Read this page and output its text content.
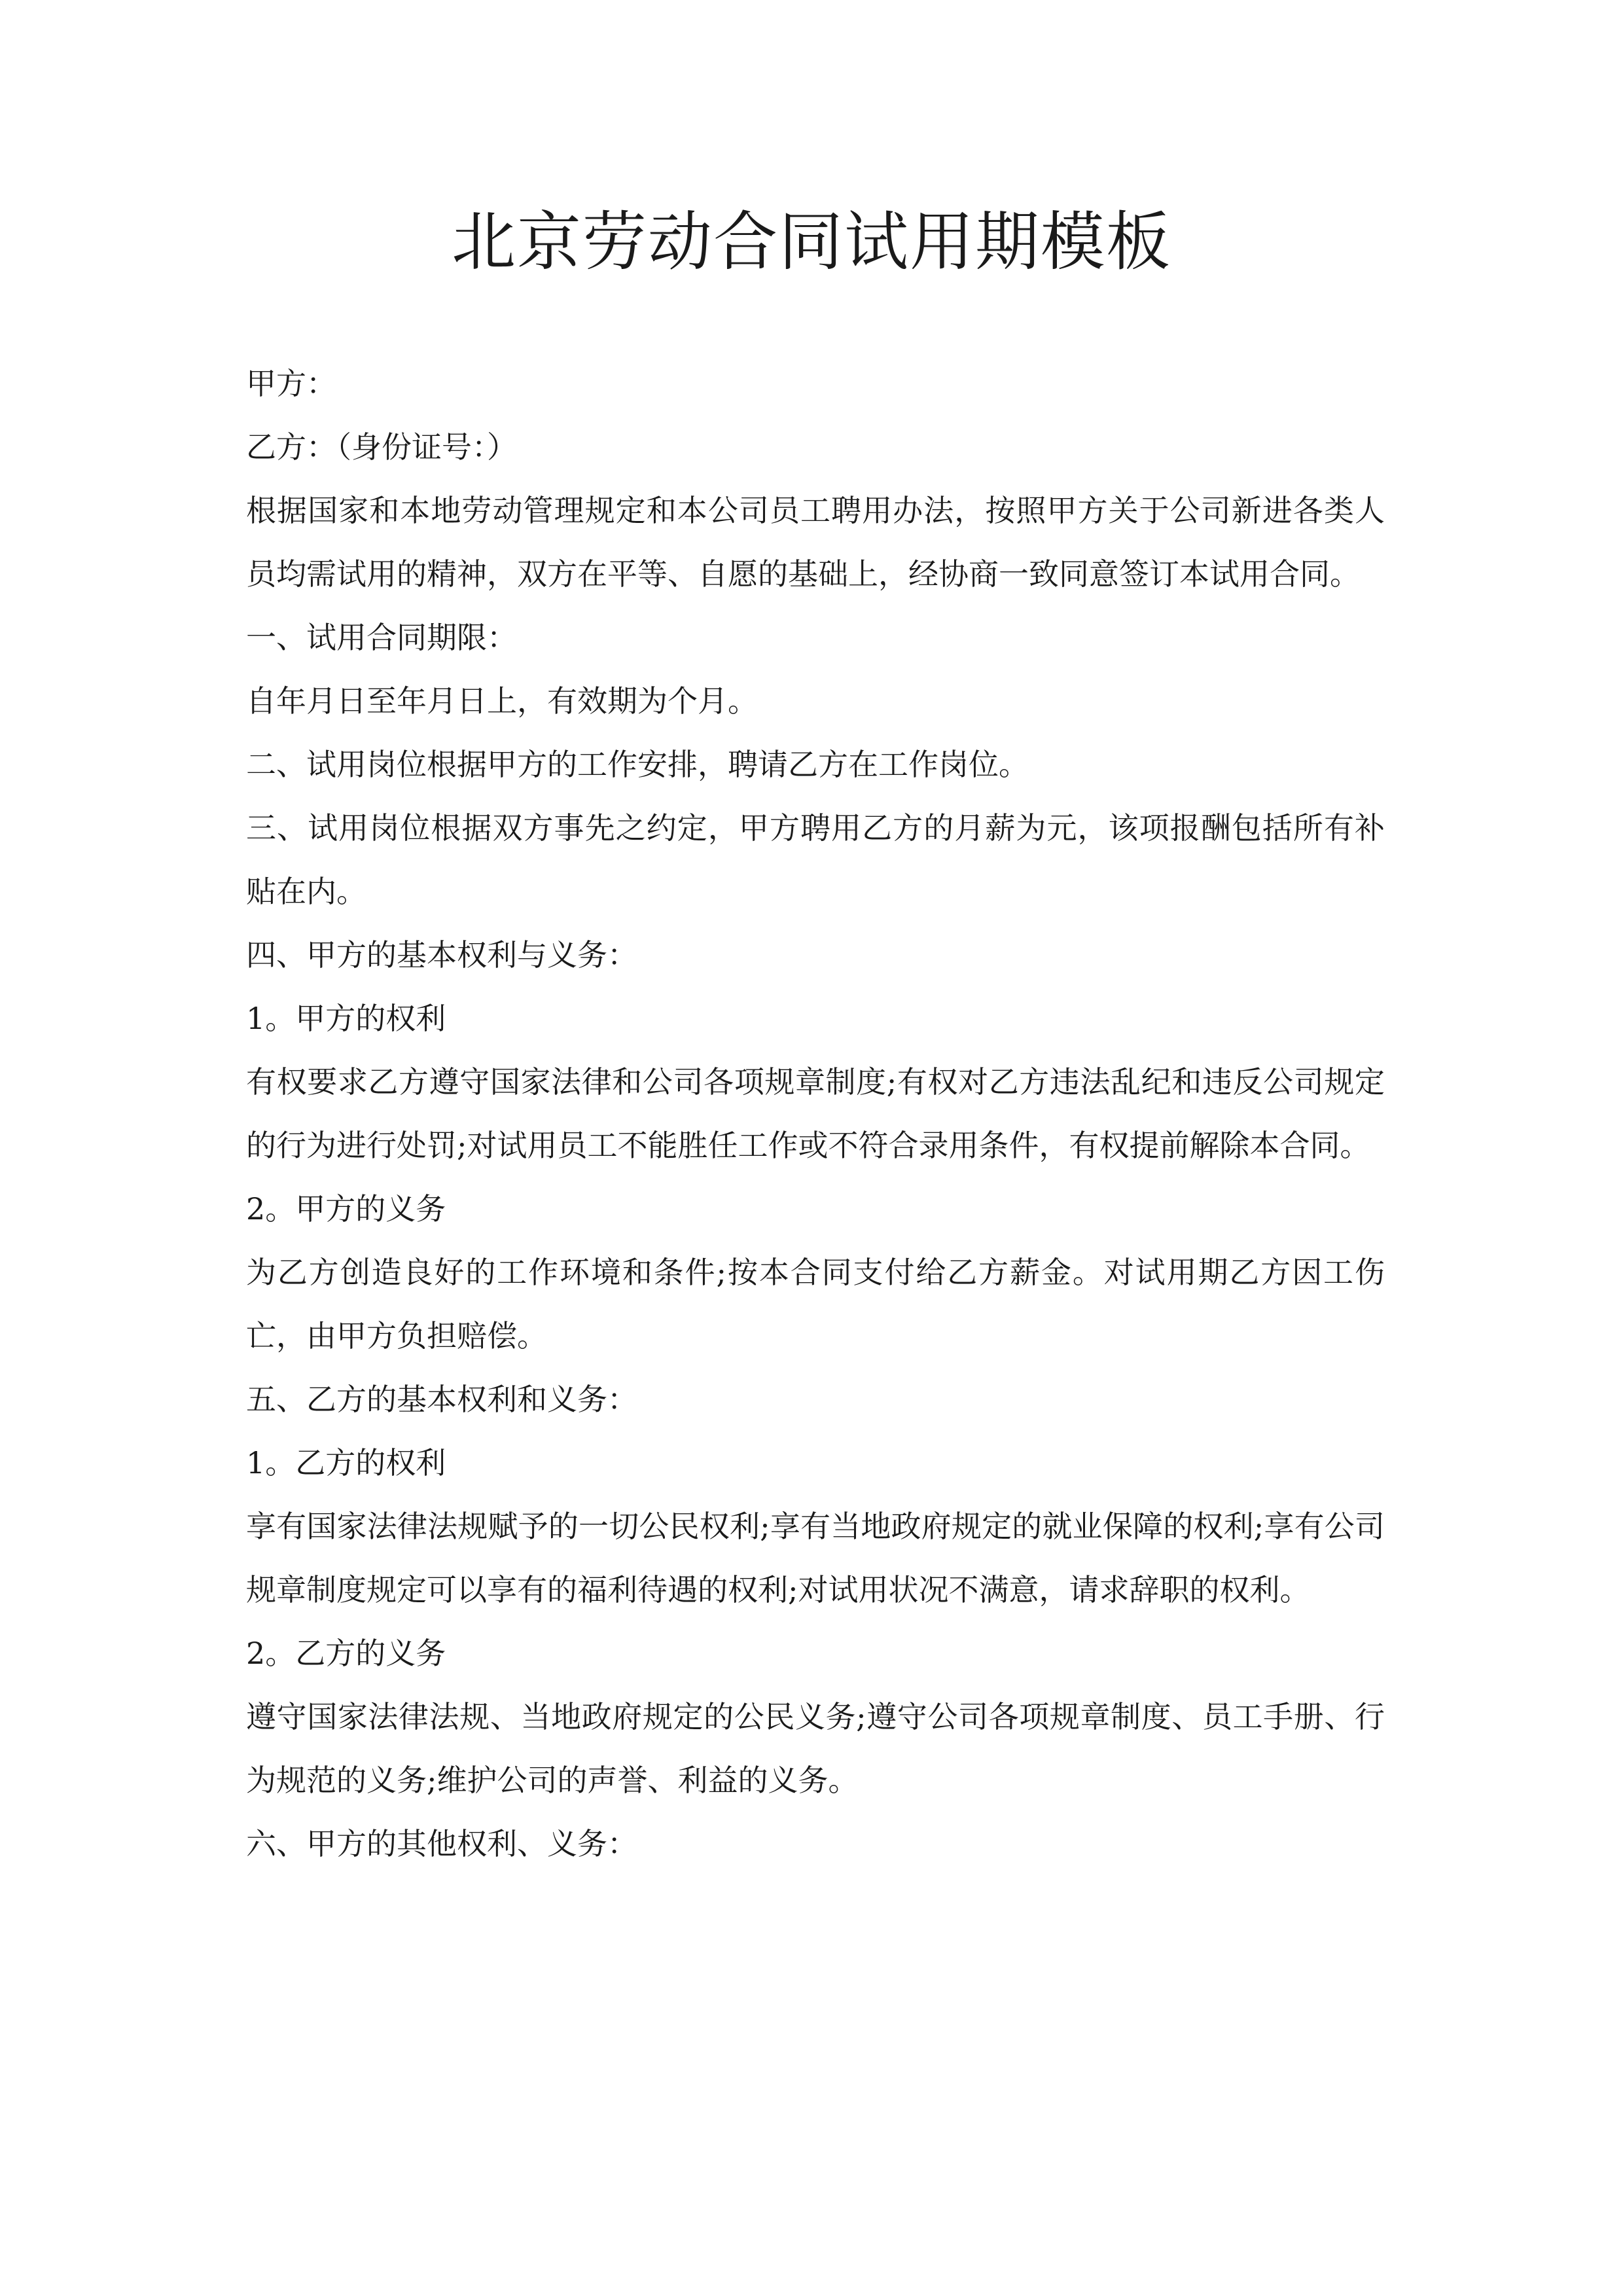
北京劳动合同试用期模板

甲方：

乙方：（身份证号：）

根据国家和本地劳动管理规定和本公司员工聘用办法，按照甲方关于公司新进各类人员均需试用的精神，双方在平等、自愿的基础上，经协商一致同意签订本试用合同。

一、试用合同期限：

自年月日至年月日上，有效期为个月。

二、试用岗位根据甲方的工作安排，聘请乙方在工作岗位。

三、试用岗位根据双方事先之约定，甲方聘用乙方的月薪为元，该项报酬包括所有补贴在内。

四、甲方的基本权利与义务：

1。甲方的权利

有权要求乙方遵守国家法律和公司各项规章制度;有权对乙方违法乱纪和违反公司规定的行为进行处罚;对试用员工不能胜任工作或不符合录用条件，有权提前解除本合同。

2。甲方的义务

为乙方创造良好的工作环境和条件;按本合同支付给乙方薪金。对试用期乙方因工伤亡，由甲方负担赔偿。

五、乙方的基本权利和义务：

1。乙方的权利

享有国家法律法规赋予的一切公民权利;享有当地政府规定的就业保障的权利;享有公司规章制度规定可以享有的福利待遇的权利;对试用状况不满意，请求辞职的权利。

2。乙方的义务

遵守国家法律法规、当地政府规定的公民义务;遵守公司各项规章制度、员工手册、行为规范的义务;维护公司的声誉、利益的义务。

六、甲方的其他权利、义务：
